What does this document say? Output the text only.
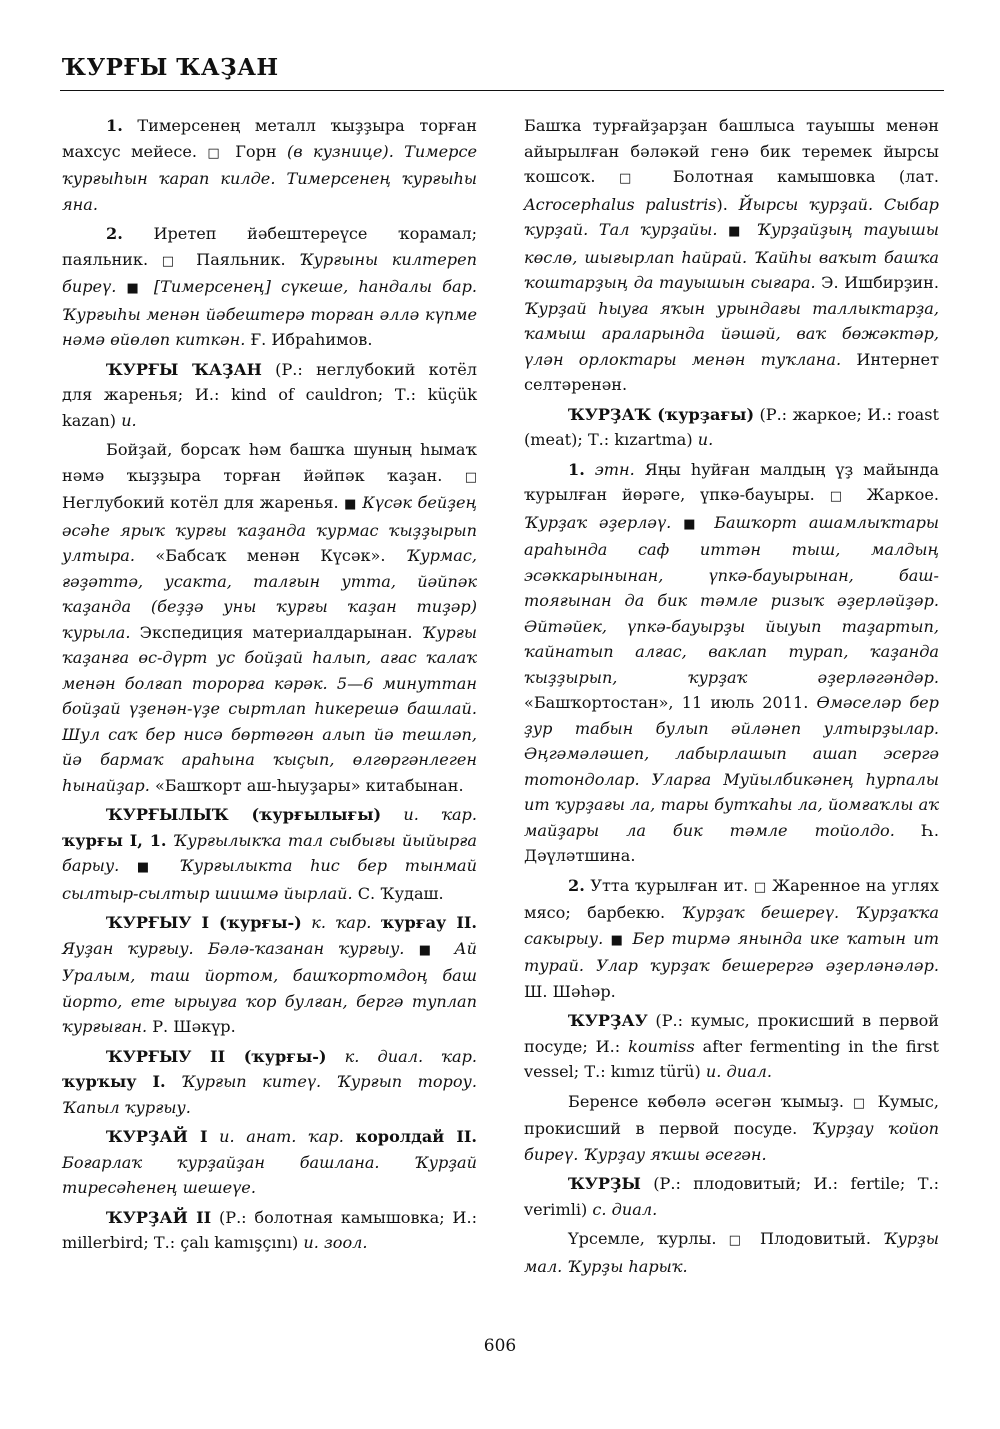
ҠУРҒЫ ҠАҘАН

1. Тимерсенең металл ҡыҙҙыра торған махсус мейесе. □ Горн (в кузнице). Тимерсе ҡурғыһын ҡарап килде. Тимерсенең ҡурғыһы яна.

2. Иретеп йәбештереүсе ҡорамал; паяльник. □ Паяльник. Ҡурғыны килтереп биреү. ■ [Тимерсенең] сүкеше, һандалы бар. Ҡурғыһы менән йәбештерә торған әллә күпме нәмә өйөлөп киткән. Ғ. Ибраһимов.

ҠУРҒЫ ҠАҘАН (Р.: неглубокий котёл для жаренья; И.: kind of cauldron; Т.: küçük kazan) и.

Бойҙай, борсаҡ һәм башҡа шуның һымаҡ нәмә ҡыҙҙыра торған йәйпәк ҡаҙан. □ Неглубокий котёл для жаренья. ■ Күсәк бейҙең әсәһе ярыҡ ҡурғы ҡаҙанда ҡурмас ҡыҙҙырып ултыра. «Бабсаҡ менән Күсәк». Ҡурмас, ғәҙәттә, усакта, талғын утта, йәйпәк ҡаҙанда (беҙҙә уны ҡурғы ҡаҙан тиҙәр) ҡурыла. Экспедиция материалдарынан. Ҡурғы ҡаҙанға өс-дүрт ус бойҙай һалып, ағас ҡалаҡ менән болғап торорға кәрәк. 5—6 минуттан бойҙай үҙенән-үҙе сыртлап һикерешә башлай. Шул саҡ бер нисә бөртөгөн алып йә тешләп, йә бармаҡ араһына ҡыҫып, өлгөргәнлеген һынайҙар. «Башҡорт аш-һыуҙары» китабынан.

ҠУРҒЫЛЫҠ (ҡурғылығы) и. ҡар. ҡурғы I, 1. Ҡурғылыкҡа тал сыбығы йыйырға барыу. ■ Ҡурғылыкта һис бер тынмай сылтыр-сылтыр шишмә йырлай. С. Ҡудаш.

ҠУРҒЫУ I (ҡурғы-) к. ҡар. ҡурғау II. Яуҙан ҡурғыу. Бәлә-ҡазанан ҡурғыу. ■ Ай Уралым, таш йортом, башҡортомдоң баш йорто, ете ырыуға ҡор булған, бергә туплап ҡурғыған. Р. Шәкүр.

ҠУРҒЫУ II (ҡурғы-) к. диал. ҡар. ҡурҡыу I. Ҡурғып китеү. Ҡурғып тороу. Ҡапыл ҡурғыу.

ҠУРҘАЙ I и. анат. ҡар. королдай II. Боғарлаҡ ҡурҙайҙан башлана. Ҡурҙай тиресәһенең шешеүе.

ҠУРҘАЙ II (Р.: болотная камышовка; И.: millerbird; Т.: çalı kamışçını) и. зоол.

Башҡа турғайҙарҙан башлыса тауышы менән айырылған бәләкәй генә бик теремек йырсы ҡошсоҡ. □ Болотная камышовка (лат. Acrocephalus palustris). Йырсы ҡурҙай. Сыбар ҡурҙай. Тал ҡурҙайы. ■ Ҡурҙайҙың тауышы көслө, шығырлап һайрай. Ҡайһы ваҡыт башҡа ҡоштарҙың да тауышын сығара. Э. Ишбирҙин. Ҡурҙай һыуға яҡын урындағы таллыктарҙа, ҡамыш араларында йәшәй, ваҡ бөжәктәр, үлән орлоктары менән туҡлана. Интернет селтәренән.

ҠУРҘАҠ (ҡурҙағы) (Р.: жаркое; И.: roast (meat); Т.: kızartma) и.

1. этн. Яңы һуйған малдың үҙ майында ҡурылған йөрәге, үпкә-бауыры. □ Жаркое. Ҡурҙаҡ әҙерләү. ■ Башҡорт ашамлыҡтары араһында саф иттән тыш, малдың эсәккарынынан, үпкә-бауырынан, баш-тояғынан да бик тәмле ризыҡ әҙерләйҙәр. Әйтәйек, үпкә-бауырҙы йыуып таҙартып, ҡайнатып алғас, ваклап турап, ҡаҙанда ҡыҙҙырып, ҡурҙаҡ әҙерләгәндәр. «Башҡортостан», 11 июль 2011. Өмәселәр бер ҙур табын булып әйләнеп ултырҙылар. Әңгәмәләшеп, лабырлашып ашап эсергә тотондолар. Уларға Муйылбикәнең һурпалы ит ҡурҙағы ла, тары бутҡаһы ла, йомғаҡлы аҡ майҙары ла бик тәмле тойолдо. Һ. Дәүләтшина.

2. Утта ҡурылған ит. □ Жаренное на углях мясо; барбекю. Ҡурҙаҡ бешереү. Ҡурҙаҡҡа сакырыу. ■ Бер тирмә янында ике ҡатын ит турай. Улар ҡурҙаҡ бешерергә әҙерләнәләр. Ш. Шәһәр.

ҠУРҘАУ (Р.: кумыс, прокисший в первой посуде; И.: koumiss after fermenting in the first vessel; Т.: kımız türü) и. диал.

Беренсе көбөлә әсегән ҡымыҙ. □ Кумыс, прокисший в первой посуде. Ҡурҙау ҡойоп биреү. Ҡурҙау яҡшы әсегән.

ҠУРҘЫ (Р.: плодовитый; И.: fertile; Т.: verimli) с. диал.

Үрсемле, ҡурлы. □ Плодовитый. Ҡурҙы мал. Ҡурҙы һарыҡ.

606
